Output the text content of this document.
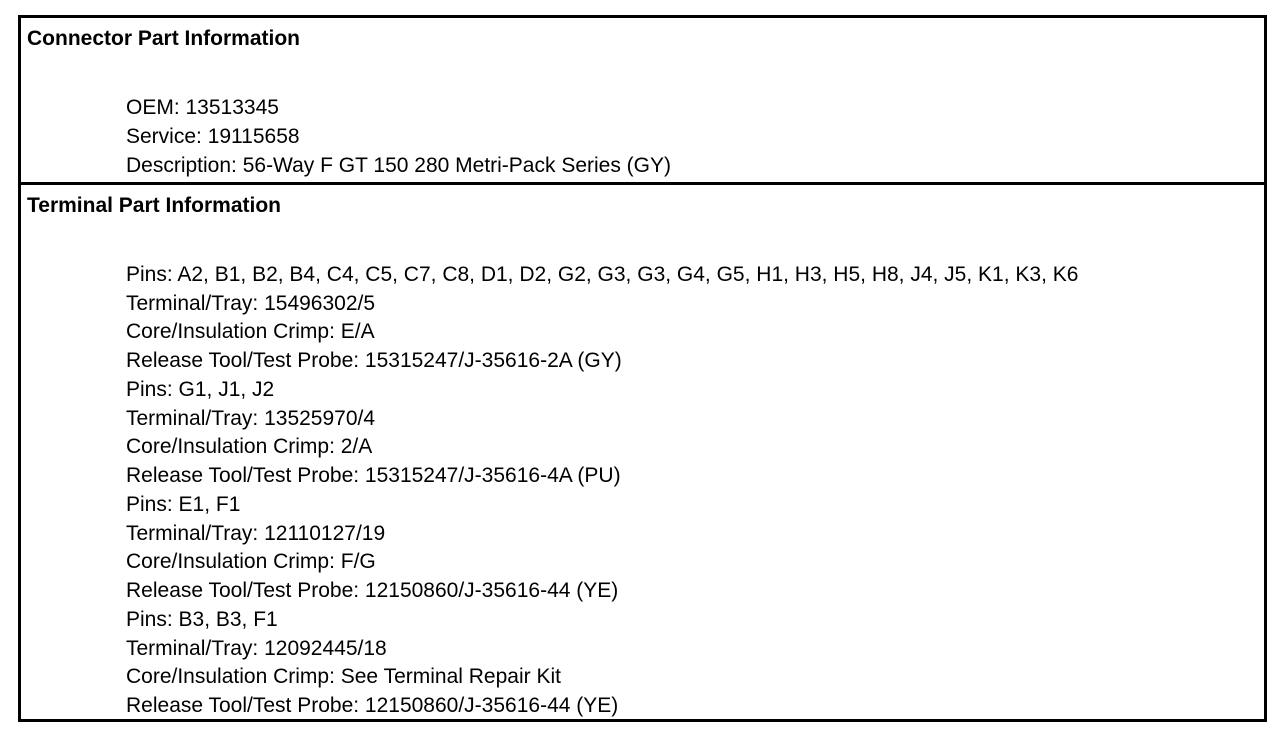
Connector Part Information
OEM: 13513345
Service: 19115658
Description: 56-Way F GT 150 280 Metri-Pack Series (GY)
Terminal Part Information
Pins: A2, B1, B2, B4, C4, C5, C7, C8, D1, D2, G2, G3, G3, G4, G5, H1, H3, H5, H8, J4, J5, K1, K3, K6
Terminal/Tray: 15496302/5
Core/Insulation Crimp: E/A
Release Tool/Test Probe: 15315247/J-35616-2A (GY)
Pins: G1, J1, J2
Terminal/Tray: 13525970/4
Core/Insulation Crimp: 2/A
Release Tool/Test Probe: 15315247/J-35616-4A (PU)
Pins: E1, F1
Terminal/Tray: 12110127/19
Core/Insulation Crimp: F/G
Release Tool/Test Probe: 12150860/J-35616-44 (YE)
Pins: B3, B3, F1
Terminal/Tray: 12092445/18
Core/Insulation Crimp: See Terminal Repair Kit
Release Tool/Test Probe: 12150860/J-35616-44 (YE)
